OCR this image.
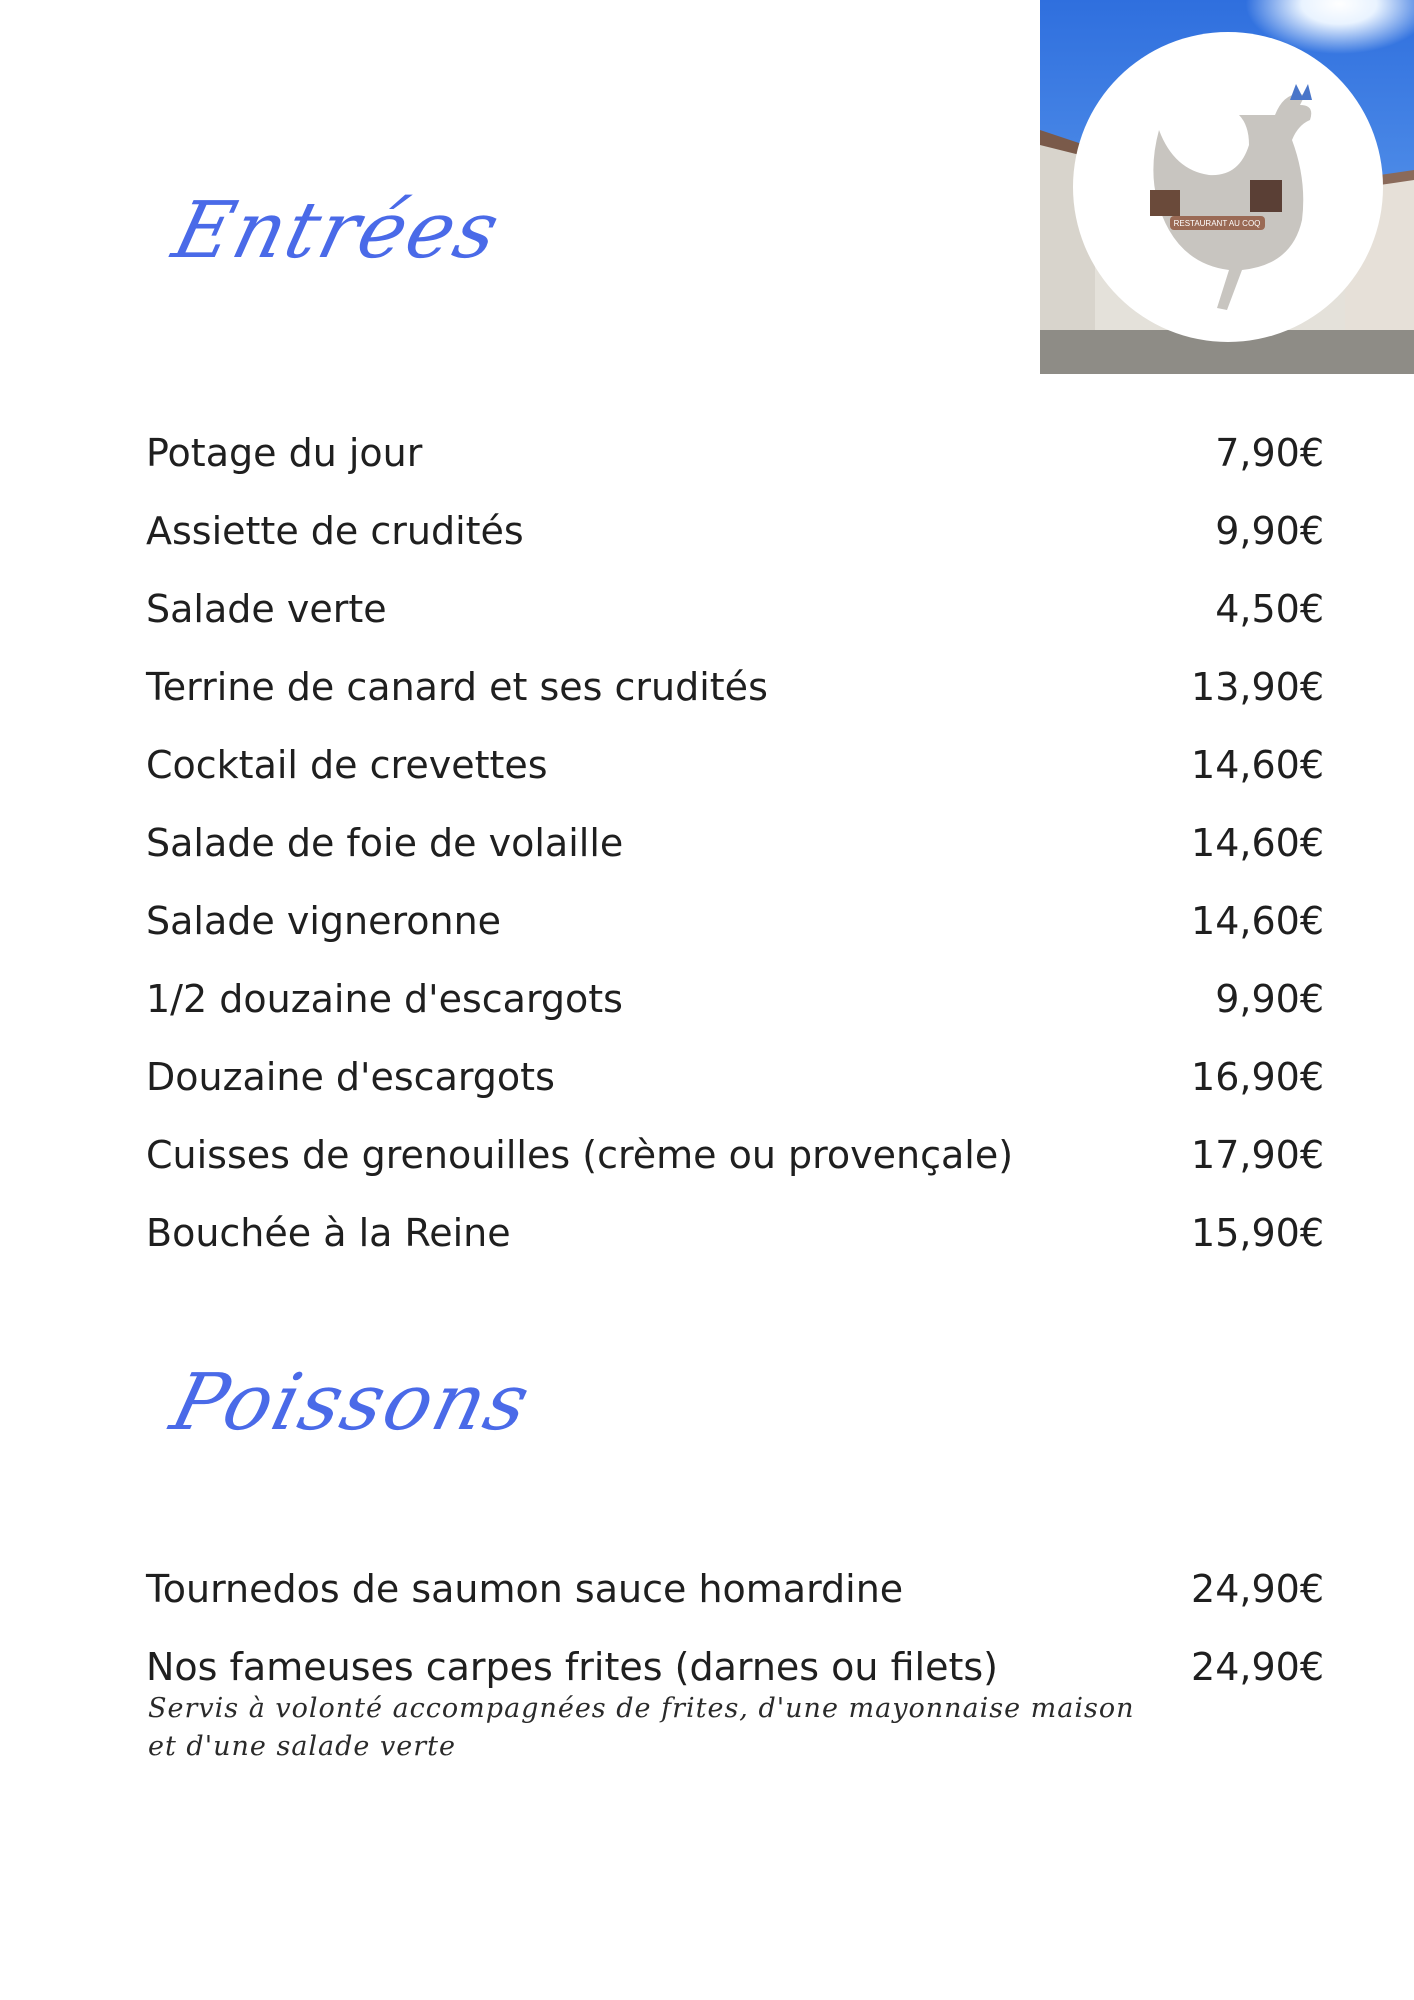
Entrées
Potage du jour	7,90€
Assiette de crudités	9,90€
Salade verte	4,50€
Terrine de canard et ses crudités	13,90€
Cocktail de crevettes	14,60€
Salade de foie de volaille	14,60€
Salade vigneronne	14,60€
1/2 douzaine d'escargots	9,90€
Douzaine d'escargots	16,90€
Cuisses de grenouilles (crème ou provençale)	17,90€
Bouchée à la Reine	15,90€
Poissons
Tournedos de saumon sauce homardine	24,90€
Nos fameuses carpes frites (darnes ou filets)	24,90€
Servis à volonté accompagnées de frites, d'une mayonnaise maison et d'une salade verte
RESTAURANT AU COQ
